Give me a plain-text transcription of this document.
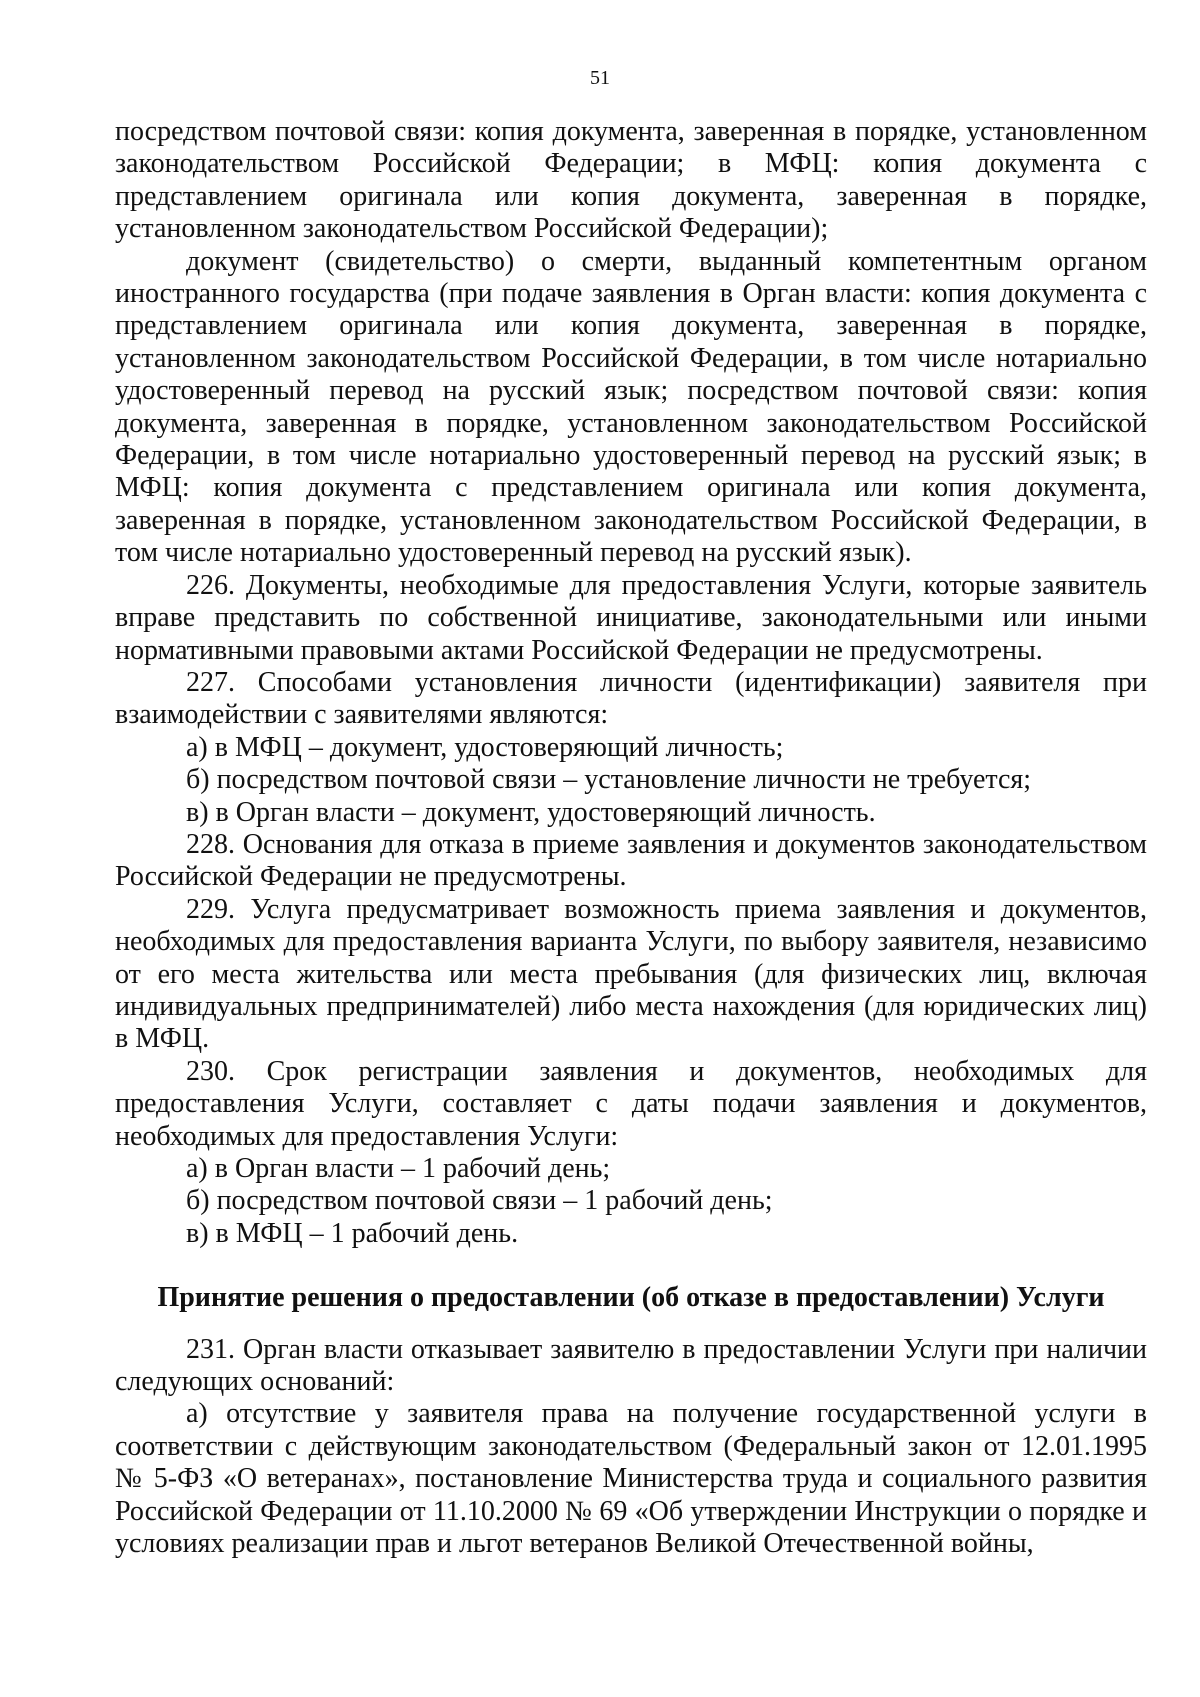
51

посредством почтовой связи: копия документа, заверенная в порядке, установленном законодательством Российской Федерации; в МФЦ: копия документа с представлением оригинала или копия документа, заверенная в порядке, установленном законодательством Российской Федерации);

документ (свидетельство) о смерти, выданный компетентным органом иностранного государства (при подаче заявления в Орган власти: копия документа с представлением оригинала или копия документа, заверенная в порядке, установленном законодательством Российской Федерации, в том числе нотариально удостоверенный перевод на русский язык; посредством почтовой связи: копия документа, заверенная в порядке, установленном законодательством Российской Федерации, в том числе нотариально удостоверенный перевод на русский язык; в МФЦ: копия документа с представлением оригинала или копия документа, заверенная в порядке, установленном законодательством Российской Федерации, в том числе нотариально удостоверенный перевод на русский язык).

226. Документы, необходимые для предоставления Услуги, которые заявитель вправе представить по собственной инициативе, законодательными или иными нормативными правовыми актами Российской Федерации не предусмотрены.

227. Способами установления личности (идентификации) заявителя при взаимодействии с заявителями являются:

а) в МФЦ – документ, удостоверяющий личность;

б) посредством почтовой связи – установление личности не требуется;

в) в Орган власти – документ, удостоверяющий личность.

228. Основания для отказа в приеме заявления и документов законодательством Российской Федерации не предусмотрены.

229. Услуга предусматривает возможность приема заявления и документов, необходимых для предоставления варианта Услуги, по выбору заявителя, независимо от его места жительства или места пребывания (для физических лиц, включая индивидуальных предпринимателей) либо места нахождения (для юридических лиц) в МФЦ.

230. Срок регистрации заявления и документов, необходимых для предоставления Услуги, составляет с даты подачи заявления и документов, необходимых для предоставления Услуги:

а) в Орган власти – 1 рабочий день;

б) посредством почтовой связи – 1 рабочий день;

в) в МФЦ – 1 рабочий день.

Принятие решения о предоставлении (об отказе в предоставлении) Услуги

231. Орган власти отказывает заявителю в предоставлении Услуги при наличии следующих оснований:

а) отсутствие у заявителя права на получение государственной услуги в соответствии с действующим законодательством (Федеральный закон от 12.01.1995 № 5-ФЗ «О ветеранах», постановление Министерства труда и социального развития Российской Федерации от 11.10.2000 № 69 «Об утверждении Инструкции о порядке и условиях реализации прав и льгот ветеранов Великой Отечественной войны,
